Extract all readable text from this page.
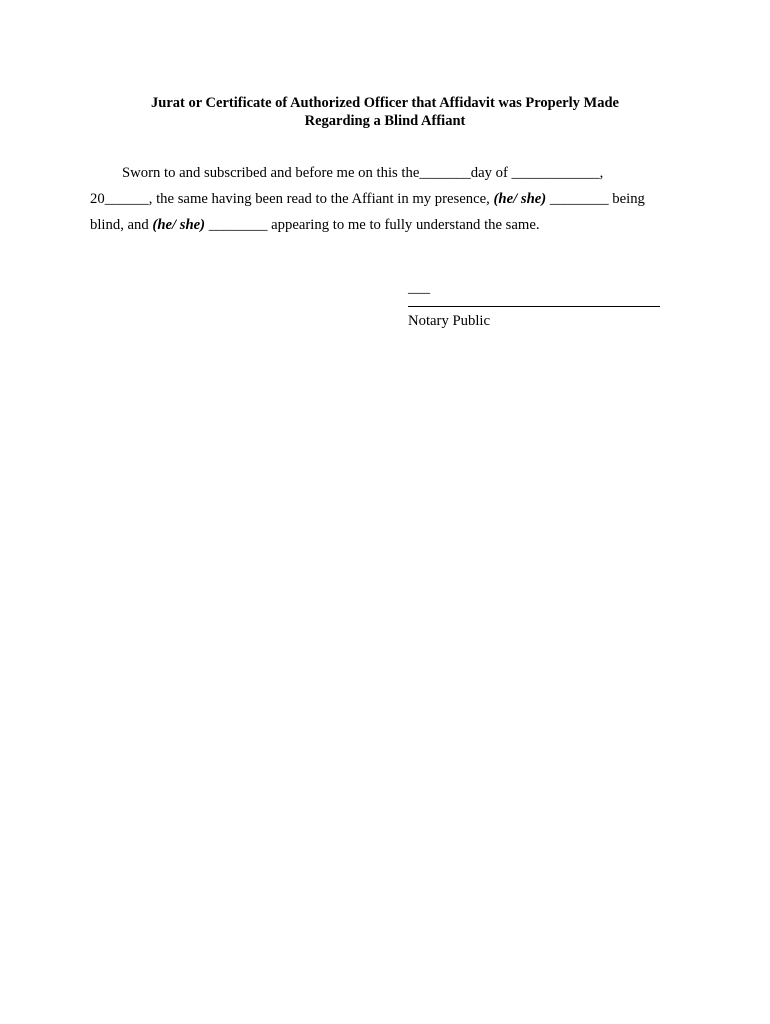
Jurat or Certificate of Authorized Officer that Affidavit was Properly Made
Regarding a Blind Affiant
Sworn to and subscribed and before me on this the_______day of ____________,
20______, the same having been read to the Affiant in my presence, (he/ she) ________ being
blind, and (he/ she) ________ appearing to me to fully understand the same.
___
Notary Public
